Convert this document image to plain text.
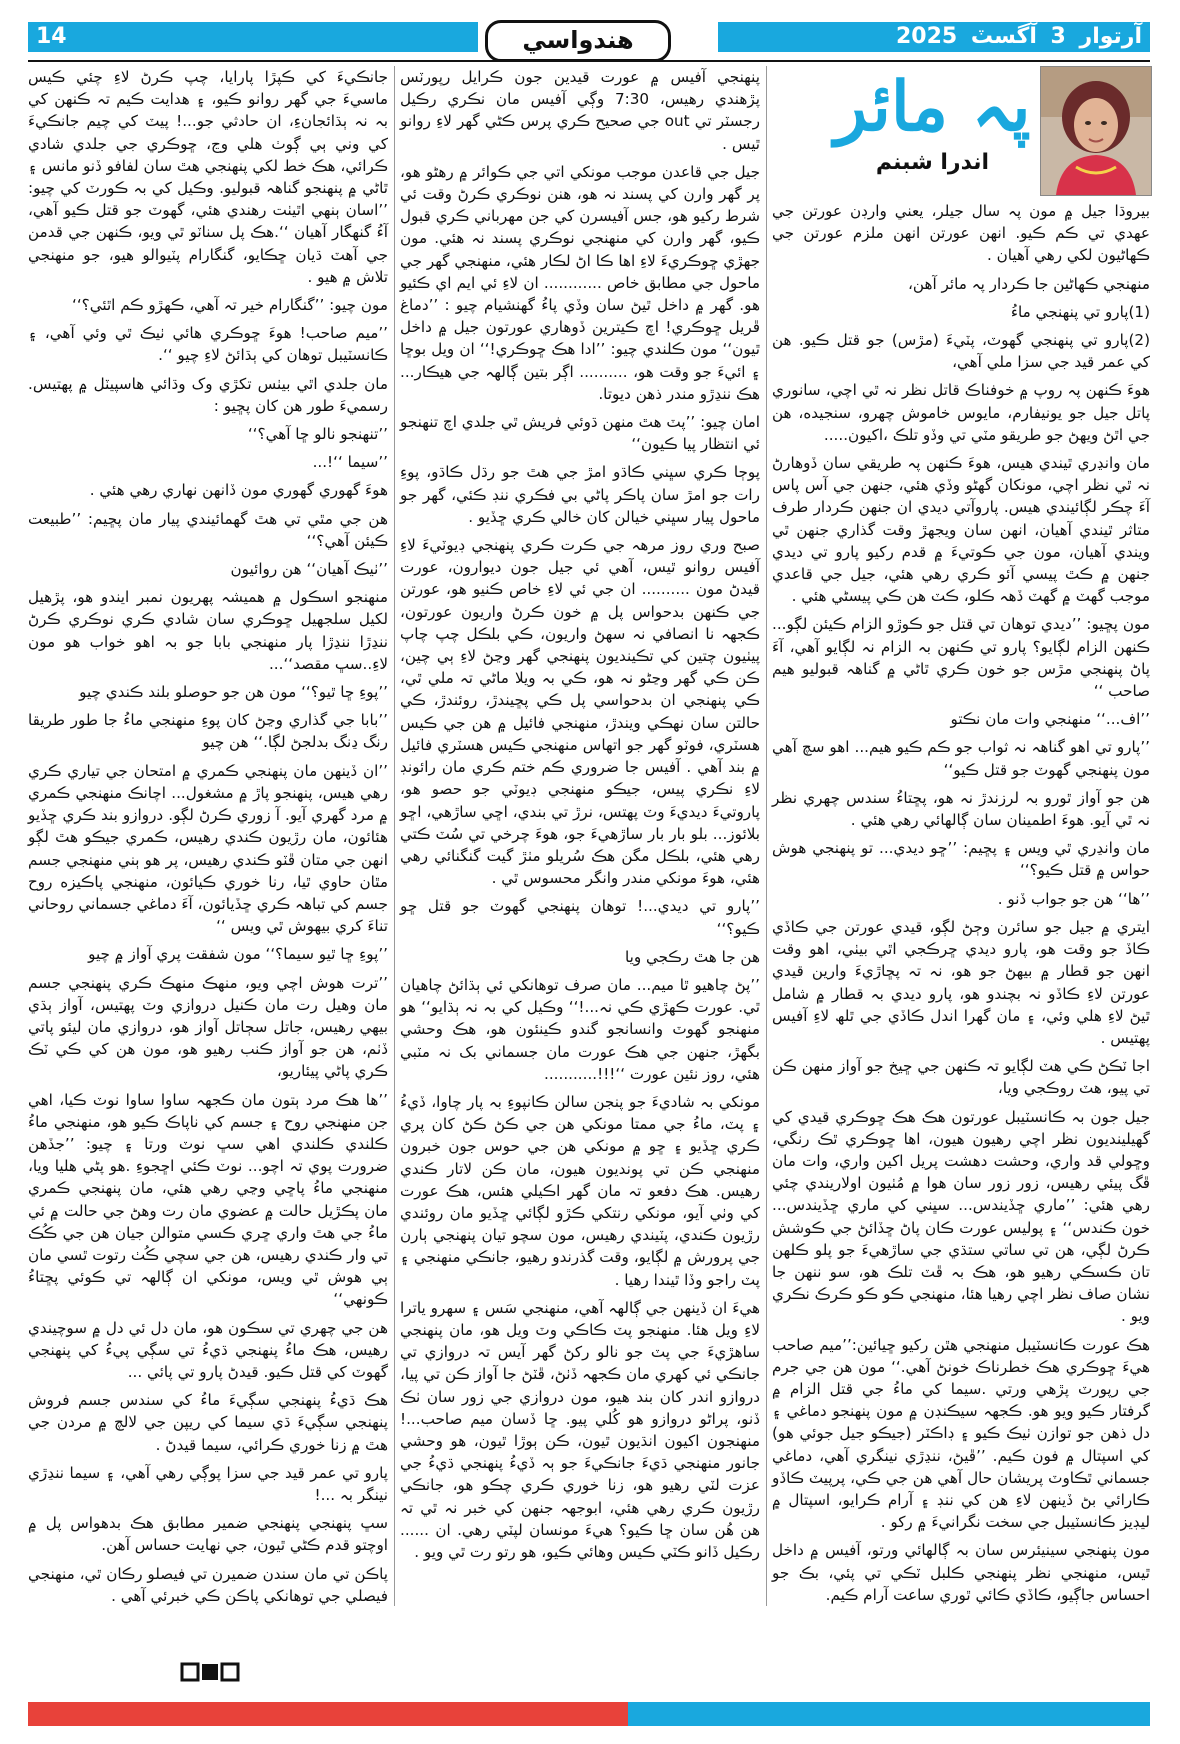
14	آرتوار 3 آگسٽ 2025
هندواسي
پہ مائر
اندرا شبنم

بيروڌا جيل ۾ مون پہ سال جيلر، يعني وارڊن عورتن جي عهدي تي ڪم ڪيو. انهن عورتن انهن ملزم عورتن جي ڪهاڻيون لکي رهي آهيان .

منهنجي ڪهاڻين جا ڪردار پہ مائر آهن،

(1)پارو تي پنهنجي ماءُ

(2)پارو تي پنهنجي گهوٽ، پٽيءَ (مڙس) جو قتل ڪيو. هن کي عمر قيد جي سزا ملي آهي،

هوءَ ڪنهن پہ روپ ۾ خوفناڪ قاتل نظر نہ ٿي اچي، سانوري پاتل جيل جو يونيفارم، مايوس خاموش چهرو، سنجيده، هن جي اٿڻ ويهڻ جو طريقو مٽي تي وڏو تلڪ ،اکيون.....

مان وانڍري ٿيندي هيس، هوءَ ڪنهن پہ طريقي سان ڏوهارڻ نہ ٿي نظر اچي، مونکان گهڻو وڏي هئي، جنهن جي آس پاس آءَ چڪر لڳائيندي هيس. پاروآتي ديدي ان جنهن ڪردار طرف متاثر ٿيندي آهيان، انهن سان ويجهڙ وقت گذاري جنهن ٿي ويندي آهيان، مون جي ڪوتيءَ ۾ قدم رکيو پارو تي ديدي جنهن ۾ ڪٿ پيسي آئو ڪري رهي هئي، جيل جي قاعدي موجب گهٽ ۾ گهٽ ڏهہ ڪلو، ڪٽ هن ڪي پيسڻي هئي .

مون پڇيو: ’’ديدي توهان تي قتل جو ڪوڙو الزام ڪيئن لڳو... ڪنهن الزام لڳايو؟ پارو تي ڪنهن بہ الزام نہ لڳايو آهي، آءَ پاڻ پنهنجي مڙس جو خون ڪري ٿاڻي ۾ گناهہ قبوليو هيم صاحب ‘‘

’’اف...‘‘ منهنجي وات مان نڪتو

’’پارو تي اهو گناهہ نہ ثواب جو ڪم ڪيو هيم... اهو سچ آهي مون پنهنجي گهوٽ جو قتل ڪيو‘‘

هن جو آواز ٿورو بہ لرزندڙ نہ هو، پڇتاءُ سندس چهري نظر نہ ٿي آيو. هوءَ اطمينان سان ڳالهائي رهي هئي .

مان وانڍري ٿي ويس ۽ پڇيم: ’’ڇو ديدي... تو پنهنجي هوش حواس ۾ قتل ڪيو؟‘‘

’’ها‘‘ هن جو جواب ڏنو .

ايتري ۾ جيل جو سائرن وڄڻ لڳو، قيدي عورتن جي ڪاڏي ڪاڏ جو وقت هو، پارو ديدي ڇرڪجي اٿي بيٺي، اهو وقت انهن جو قطار ۾ بيهڻ جو هو، نہ تہ پڇاڙيءَ وارين قيدي عورتن لاءِ ڪاڏو نہ بچندو هو، پارو ديدي بہ قطار ۾ شامل ٿيڻ لاءِ هلي وئي، ۽ مان گهرا اندل ڪاڏي جي ٿلھ لاءِ آفيس پهتيس .

اجا ٽڪڻ ڪي هٽ لڳايو تہ ڪنهن جي ڇيخ جو آواز منهن ڪن تي پيو، هٽ روڪجي ويا،

جيل جون بہ ڪانسٽيبل عورتون هڪ هڪ ڇوڪري قيدي کي گهيلينديون نظر اچي رهيون هيون، اها ڇوڪري ٿڪ رنگي، وڇولي قد واري، وحشت دهشت پريل اکين واري، وات مان ڦگ پيئي رهيس، زور زور سان هوا ۾ مُٺيون اولاريندي چئي رهي هئي: ’’ماري ڇڏيندس... سڀني کي ماري ڇڏيندس... خون ڪندس‘‘ ۽ پوليس عورت ڪان پاڻ ڇڏائڻ جي ڪوشش ڪرڻ لڳي، هن تي ساتي ستڌي جي ساڙهيءَ جو پلو ڪلهن تان ڪسڪي رهيو هو، هڪ بہ ڦٽ تلڪ هو، سو ننهن جا نشان صاف نظر اچي رهيا هئا، منهنجي ڪو ڪو ڪرڪ نڪري ويو .

هڪ عورت ڪانسٽيبل منهنجي هٿن رکيو ڇيائين:’’ميم صاحب هيءَ ڇوڪري هڪ خطرناڪ خونڻ آهي.‘‘ مون هن جي جرم جي رپورٽ پڙهي ورتي .سيما کي ماءُ جي قتل الزام ۾ گرفتار ڪيو ويو هو. ڪجهہ سيڪنڊن ۾ مون پنهنجو دماغي ۽ دل ذهن جو توازن ٺيڪ ڪيو ۽ ڊاڪٽر (جيڪو جيل جوئي هو) کي اسپتال ۾ فون ڪيم. ’’ڦيڻ، ننڍڙي نينگري آهي، دماغي جسماني ٿڪاوٽ پريشان حال آهي هن جي ڪي، پرپيٽ ڪاڏو ڪارائي بڻ ڏينهن لاءِ هن کي ننڊ ۽ آرام ڪرايو، اسپتال ۾ ليڊيز ڪانسٽيبل جي سخت نگرانيءَ ۾ رکو .

مون پنهنجي سينيئرس سان بہ ڳالهائي ورتو، آفيس ۾ داخل ٿيس، منهنجي نظر پنهنجي ڪلبل ٽڪي تي پئي، بڪ جو احساس جاڳيو، ڪاڏي ڪائي ٿوري ساعت آرام ڪيم.

پنهنجي آفيس ۾ عورت قيدين جون ڪرايل رپورٽس پڙهندي رهيس، 7:30 وڳي آفيس مان نڪري رڪيل رجسٽر تي out جي صحيح ڪري پرس ڪڻي گهر لاءِ روانو ٿيس .

جيل جي قاعدن موجب مونکي اتي جي ڪوائر ۾ رهڻو هو، پر گهر وارن کي پسند نہ هو، هنن نوڪري ڪرڻ وقت ئي شرط رکيو هو، جس آفيسرن کي جن مهرباني ڪري قبول ڪيو، گهر وارن کي منهنجي نوڪري پسند نہ هئي. مون جهڙي ڇوڪريءَ لاءِ اها ڪا اڻ لڪار هئي، منهنجي گهر جي ماحول جي مطابق خاص ............ ان لاءِ ئي ايم اي ڪئيو هو. گهر ۾ داخل ٿيڻ سان وڏي پاءُ گهنشيام چيو : ’’دماغ ڦريل ڇوڪري! اچ ڪيترين ڏوهاري عورتون جيل ۾ داخل ٿيون‘‘ مون ڪلندي چيو: ’’ادا هڪ ڇوڪري!‘‘ ان ويل بوڇا ۽ ائيءَ جو وقت هو، .......... اڳر بتين ڳالهہ جي هيڪار... هڪ ننڍڙو مندر ذهن ديوتا.

امان چيو: ’’پٽ هٿ منهن ڌوئي فريش ٿي جلدي اچ تنهنجو ئي انتظار پيا ڪيون‘‘

پوڄا ڪري سڀني ڪاڌو امڙ جي هٿ جو رڌل ڪاڌو، پوءِ رات جو امڙ سان پاڪر پاڻي بي فڪري ننڊ ڪئي، گهر جو ماحول پيار سڀني خيالن کان خالي ڪري ڇڏيو .

صبح وري روز مرهہ جي ڪرت ڪري پنهنجي ڊيوٽيءَ لاءِ آفيس روانو ٿيس، آهي ئي جيل جون ديوارون، عورت قيدڻ مون .......... ان جي ئي لاءِ خاص ڪنيو هو، عورتن جي ڪنهن بدحواس پل ۾ خون ڪرڻ واريون عورتون، ڪجهہ نا انصافي نہ سهڻ واريون، ڪي بلڪل چپ چاپ پيٺيون چتين کي تڪينديون پنهنجي گهر وڃڻ لاءِ ٻي چين، ڪن ڪي گهر وڃڻو نہ هو، ڪي بہ ويلا ماڻي تہ ملي ٿي، ڪي پنهنجي ان بدحواسي پل ڪي پڇيندڙ، روئندڙ، ڪي حالتن سان نهڪي ويندڙ، منهنجي فائيل ۾ هن جي ڪيس هسٽري، فوٽو گهر جو اتهاس منهنجي ڪيس هسٽري فائيل ۾ بند آهي . آفيس جا ضروري ڪم ختم ڪري مان رائونڊ لاءِ نڪري پيس، جيڪو منهنجي ڊيوٽي جو حصو هو، پاروتيءَ ديديءَ وٽ پهتس، نرڙ تي بندي، اڇي ساڙهي، اڇو بلائوز... بلو بار بار ساڙهيءَ جو، هوءَ چرخي تي سُٽ ڪتي رهي هئي، بلڪل مگن هڪ سُريلو مٺڙ گيت گنگنائي رهي هئي، هوءَ مونکي مندر وانگر محسوس ٿي .

’’پارو تي ديدي...! توهان پنهنجي گهوٽ جو قتل ڇو ڪيو؟‘‘

هن جا هٿ رڪجي ويا

’’پڻ چاهيو ٿا ميم... مان صرف توهانکي ئي ٻڌائڻ چاهيان ٿي. عورت ڪهڙي ڪي نہ...!‘‘ وڪيل کي بہ نہ ٻڌايو‘‘ هو منهنجو گهوٽ وانسانجو گندو ڪينئون هو، هڪ وحشي بگهڙ، جنهن جي هڪ عورت مان جسماني بک نہ مٽبي هئي، روز نئين عورت ‘‘!!!...........

مونکي بہ شاديءَ جو پنجن سالن ڪانپوءِ بہ پار چاوا، ڏيءُ ۽ پٽ، ماءُ جي ممتا مونکي هن جي ڪڻ ڪڻ کان پري ڪري ڇڏيو ۽ ڇو ۾ مونکي هن جي حوس جون خبرون منهنجي ڪن تي پونديون هيون، مان ڪن لاتار ڪندي رهيس. هڪ دفعو تہ مان گهر اڪيلي هئس، هڪ عورت کي وٺي آيو، مونکي رنتکي ڪڙو لڳائي ڇڏيو مان روئندي رڙيون ڪندي، پٽيندي رهيس، مون سچو تيان پنهنجي ٻارن جي پرورش ۾ لڳايو، وقت گذرندو رهيو، جانڪي منهنجي ۽ پٽ راجو وڏا ٿيندا رهيا .

هيءَ ان ڏينهن جي ڳالهہ آهي، منهنجي سَس ۽ سهرو ياترا لاءِ ويل هئا. منهنجو پٽ ڪاڪي وٽ ويل هو، مان پنهنجي ساهڙيءَ جي پٽ جو نالو رکڻ گهر آيس تہ دروازي تي جانڪي ئي کهري مان ڪجهہ ڏٺڻ، ڦٽڻ جا آواز ڪن تي پيا، دروازو اندر کان بند هيو، مون دروازي جي زور سان ٺڪ ڏنو، پراڻو دروازو هو کُلي پيو. ڇا ڏسان ميم صاحب...! منهنجون اکيون انڌيون ٿيون، ڪن ٻوڙا ٿيون، هو وحشي جانور منهنجي ڌيءَ جانڪيءَ جو ٻہ ڏيءُ پنهنجي ڌيءُ جي عزت لٽي رهيو هو، زنا خوري ڪري چڪو هو، جانڪي رڙيون ڪري رهي هئي، ابوجهہ جنهن کي خبر نہ ٿي تہ هن هُن سان ڇا ڪيو؟ هيءَ مونسان لپٽي رهي. ان ...... رڪيل ڏانو ڪٽي ڪيس وهائي ڪيو، هو رتو رت ٿي ويو .

جانڪيءَ کي ڪپڙا پارايا، چپ ڪرڻ لاءِ چئي ڪيس ماسيءَ جي گهر روانو ڪيو، ۽ هدايت ڪيم تہ ڪنهن کي بہ نہ ٻڌائجانءِ، ان حادثي جو...! پيٽ کي چيم جانڪيءَ کي وني ٻي ڳوٺ هلي وڃ، ڇوڪري جي جلدي شادي ڪرائي، هڪ خط لکي پنهنجي هٿ سان لفافو ڏنو مانس ۽ ٿاڻي ۾ پنهنجو گناهہ قبوليو. وڪيل کي بہ ڪورٽ کي چيو: ’’اسان ٻنهي اٿيٺت رهندي هئي، گهوٽ جو قتل ڪيو آهي، آءُ گنهگار آهيان ‘‘.هڪ پل سناٽو ٿي ويو، ڪنهن جي قدمن جي آهٽ ڌيان ڇڪايو، گنگارام پٽيوالو هيو، جو منهنجي تلاش ۾ هيو .

مون چيو: ’’گنگارام خير تہ آهي، ڪهڙو ڪم اٿئي؟‘‘

’’ميم صاحب! هوءَ ڇوڪري هائي ٺيڪ ٿي وئي آهي، ۽ ڪانسٽيبل توهان کي ٻڌائڻ لاءِ چيو ‘‘.

مان جلدي اٿي بيٺس تکڙي وک وڌائي هاسپيٽل ۾ پهتيس. رسميءَ طور هن کان پڇيو :

’’تنهنجو نالو ڇا آهي؟‘‘

’’سيما ‘‘!...

هوءَ گهوري گهوري مون ڏانهن نهاري رهي هئي .

هن جي مٿي تي هٿ گهمائيندي پيار مان پڇيم: ’’طبيعت ڪيئن آهي؟‘‘

’’ٺيڪ آهيان‘‘ هن روائيون

منهنجو اسڪول ۾ هميشہ پهريون نمبر ايندو هو، پڙهيل لکيل سلجهيل ڇوڪري سان شادي ڪري نوڪري ڪرڻ ننڍڙا ننڍڙا پار منهنجي بابا جو بہ اهو خواب هو مون لاءِ..سڀ مقصد‘‘...

’’پوءِ ڇا ٿيو؟‘‘ مون هن جو حوصلو بلند ڪندي چيو

’’بابا جي گذاري وڃڻ کان پوءِ منهنجي ماءُ جا طور طريقا رنگ ڍنگ بدلجڻ لڳا.‘‘ هن چيو

’’ان ڏينهن مان پنهنجي ڪمري ۾ امتحان جي تياري ڪري رهي هيس، پنهنجو پاڙ ۾ مشغول... اچانڪ منهنجي ڪمري ۾ مرد گهري آيو. آ زوري ڪرڻ لڳو. دروازو بند ڪري ڇڏيو هئائون، مان رڙيون ڪندي رهيس، ڪمري جيڪو هٿ لڳو انهن جي متان ڦٽو ڪندي رهيس، پر هو ٻني منهنجي جسم مٿان حاوي ٿيا، رنا خوري ڪيائون، منهنجي پاڪيزه روح جسم کي تباهہ ڪري ڇڏيائون، آءَ دماغي جسماني روحاني تناءَ کري بيهوش ٿي ويس ‘‘

’’پوءِ ڇا ٿيو سيما؟‘‘ مون شفقت پري آواز ۾ چيو

’’ترت هوش اچي ويو، منهڪ منهڪ ڪري پنهنجي جسم مان وهيل رت مان ڪنيل دروازي وٽ پهتيس، آواز ٻڌي بيهي رهيس، جاتل سڄاتل آواز هو، دروازي مان ليئو پاتي ڏٺم، هن جو آواز ڪنب رهيو هو، مون هن کي ڪي ٽڪ ڪري پاڻي پيئاريو،

’’ها هڪ مرد ٻتون مان ڪجهہ ساوا ساوا نوٽ ڪيا، اهي جن منهنجي روح ۽ جسم کي ناپاڪ ڪيو هو، منهنجي ماءُ ڪلندي ڪلندي اهي سڀ نوٽ ورتا ۽ چيو: ’’جڏهن ضرورت پوي تہ اچو... نوٽ ڪئي اڇجوءِ .هو پڻي هليا ويا، منهنجي ماءُ پاڇي وڃي رهي هئي، مان پنهنجي ڪمري مان پڪڙيل حالت ۾ عضوي مان رت وهڻ جي حالت ۾ ئي ماءُ جي هٿ واري ڇري ڪسي متوالن جيان هن جي ڪُڪ تي وار ڪندي رهيس، هن جي سچي ڪُٺ رتوت ٿسي مان ٻي هوش ٿي ويس، مونکي ان ڳالهہ تي ڪوئي پڇتاءُ ڪونهي‘‘

هن جي چهري تي سڪون هو، مان دل ئي دل ۾ سوچيندي رهيس، هڪ ماءُ پنهنجي ڌيءُ تي سڳي پيءُ کي پنهنجي گهوٽ کي قتل ڪيو. قيدڻ پارو تي پائي ...

هڪ ڌيءُ پنهنجي سڳيءَ ماءُ کي سندس جسم فروش پنهنجي سڳيءَ ڌي سيما کي ريپن جي لالچ ۾ مردن جي هٿ ۾ زنا خوري ڪرائي، سيما قيدڻ .

پارو تي عمر قيد جي سزا پوڳي رهي آهي، ۽ سيما ننڍڙي نينگر بہ ...!

سڀ پنهنجي پنهنجي ضمير مطابق هڪ بدهواس پل ۾ اوچتو قدم ڪڻي ٿيون، جي نهايت حساس آهن.

پاڪن تي مان سندن ضميرن تي فيصلو رڪان ٿي، منهنجي فيصلي جي توهانکي پاڪن ڪي خبرئي آهي .
